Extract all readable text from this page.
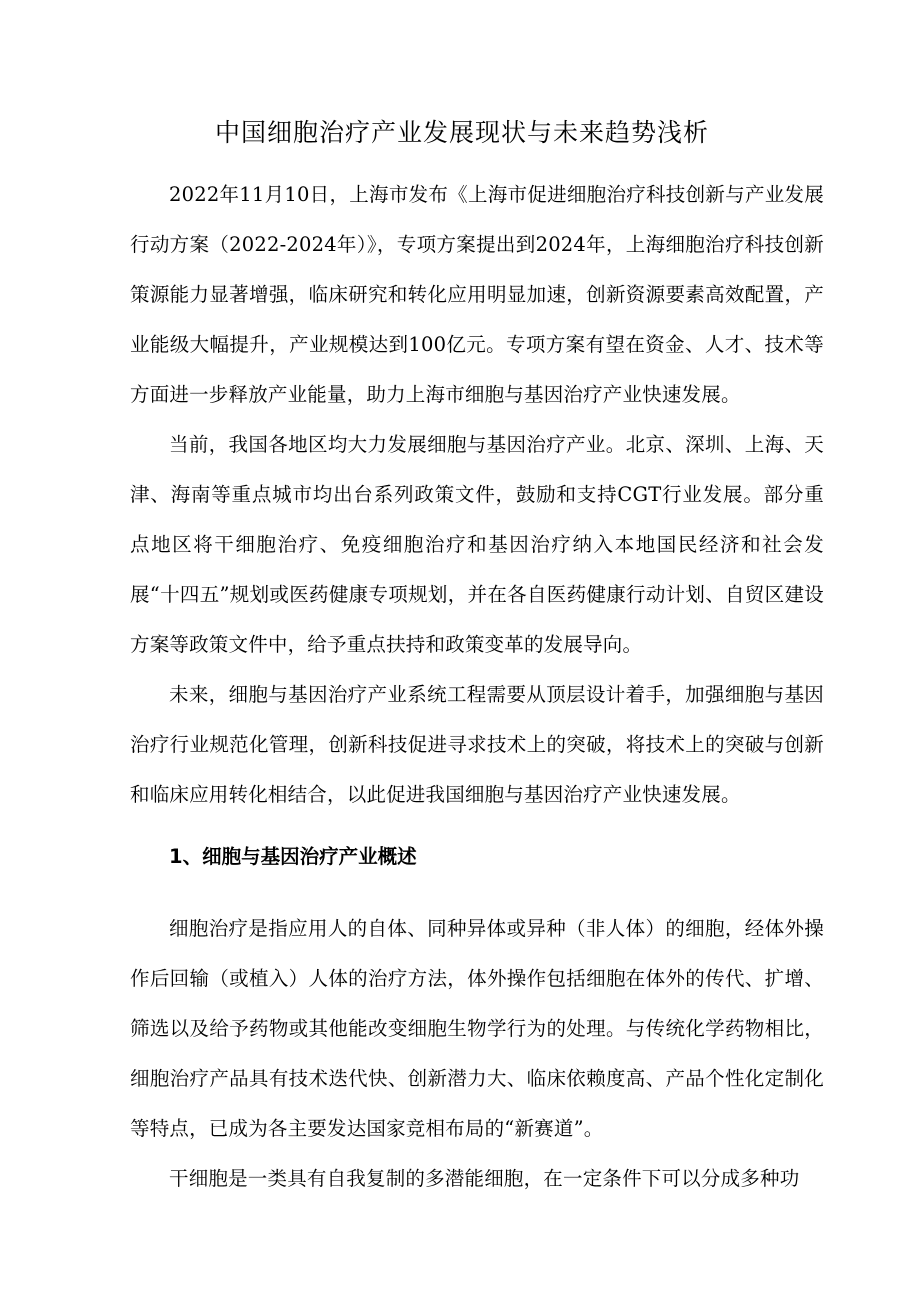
中国细胞治疗产业发展现状与未来趋势浅析

2022年11月10日，上海市发布《上海市促进细胞治疗科技创新与产业发展行动方案（2022-2024年）》，专项方案提出到2024年，上海细胞治疗科技创新策源能力显著增强，临床研究和转化应用明显加速，创新资源要素高效配置，产业能级大幅提升，产业规模达到100亿元。专项方案有望在资金、人才、技术等方面进一步释放产业能量，助力上海市细胞与基因治疗产业快速发展。

当前，我国各地区均大力发展细胞与基因治疗产业。北京、深圳、上海、天津、海南等重点城市均出台系列政策文件，鼓励和支持CGT行业发展。部分重点地区将干细胞治疗、免疫细胞治疗和基因治疗纳入本地国民经济和社会发展“十四五”规划或医药健康专项规划，并在各自医药健康行动计划、自贸区建设方案等政策文件中，给予重点扶持和政策变革的发展导向。

未来，细胞与基因治疗产业系统工程需要从顶层设计着手，加强细胞与基因治疗行业规范化管理，创新科技促进寻求技术上的突破，将技术上的突破与创新和临床应用转化相结合，以此促进我国细胞与基因治疗产业快速发展。

1、细胞与基因治疗产业概述

细胞治疗是指应用人的自体、同种异体或异种（非人体）的细胞，经体外操作后回输（或植入）人体的治疗方法，体外操作包括细胞在体外的传代、扩增、筛选以及给予药物或其他能改变细胞生物学行为的处理。与传统化学药物相比，细胞治疗产品具有技术迭代快、创新潜力大、临床依赖度高、产品个性化定制化等特点，已成为各主要发达国家竞相布局的“新赛道”。

干细胞是一类具有自我复制的多潜能细胞，在一定条件下可以分成多种功
